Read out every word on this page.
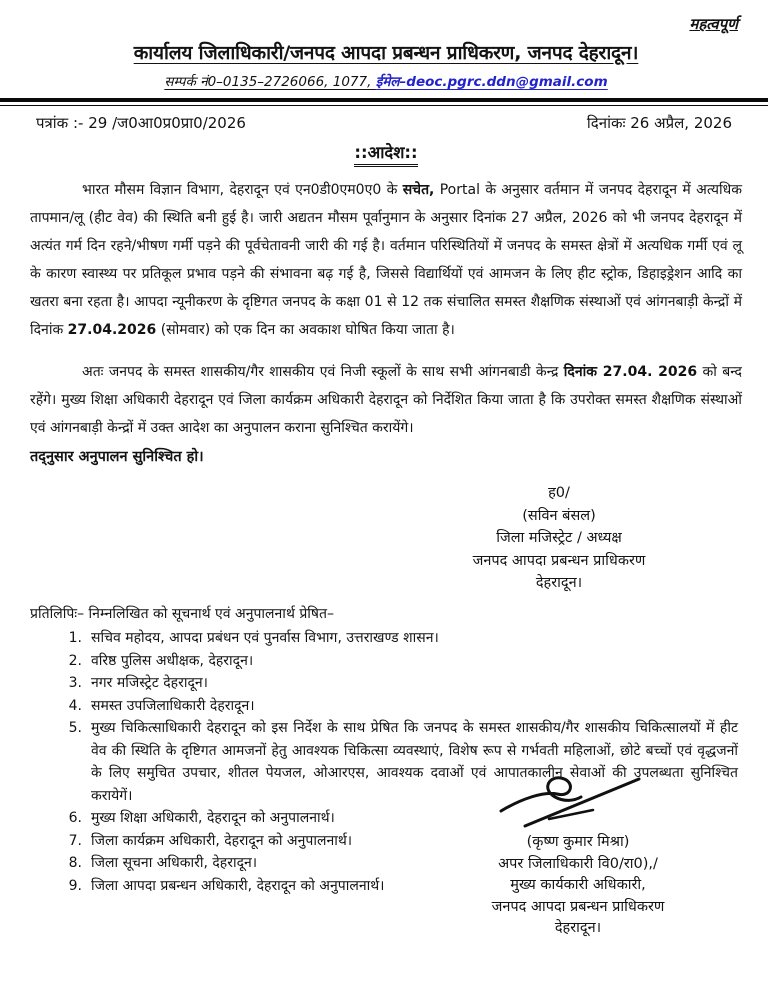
महत्वपूर्ण
कार्यालय जिलाधिकारी/जनपद आपदा प्रबन्धन प्राधिकरण, जनपद देहरादून।
सम्पर्क नं0–0135–2726066, 1077, ईमेल–deoc.pgrc.ddn@gmail.com
पत्रांक :- 29 /ज0आ0प्र0प्रा0/2026	दिनांकः 26 अप्रैल, 2026
::आदेश::

भारत मौसम विज्ञान विभाग, देहरादून एवं एन0डी0एम0ए0 के सचेत, Portal के अनुसार वर्तमान में जनपद देहरादून में अत्यधिक तापमान/लू (हीट वेव) की स्थिति बनी हुई है। जारी अद्यतन मौसम पूर्वानुमान के अनुसार दिनांक 27 अप्रैल, 2026 को भी जनपद देहरादून में अत्यंत गर्म दिन रहने/भीषण गर्मी पड़ने की पूर्वचेतावनी जारी की गई है। वर्तमान परिस्थितियों में जनपद के समस्त क्षेत्रों में अत्यधिक गर्मी एवं लू के कारण स्वास्थ्य पर प्रतिकूल प्रभाव पड़ने की संभावना बढ़ गई है, जिससे विद्यार्थियों एवं आमजन के लिए हीट स्ट्रोक, डिहाइड्रेशन आदि का खतरा बना रहता है। आपदा न्यूनीकरण के दृष्टिगत जनपद के कक्षा 01 से 12 तक संचालित समस्त शैक्षणिक संस्थाओं एवं आंगनबाड़ी केन्द्रों में दिनांक 27.04.2026 (सोमवार) को एक दिन का अवकाश घोषित किया जाता है।

अतः जनपद के समस्त शासकीय/गैर शासकीय एवं निजी स्कूलों के साथ सभी आंगनबाडी केन्द्र दिनांक 27.04. 2026 को बन्द रहेंगे। मुख्य शिक्षा अधिकारी देहरादून एवं जिला कार्यक्रम अधिकारी देहरादून को निर्देशित किया जाता है कि उपरोक्त समस्त शैक्षणिक संस्थाओं एवं आंगनबाड़ी केन्द्रों में उक्त आदेश का अनुपालन कराना सुनिश्चित करायेंगे।

तद्नुसार अनुपालन सुनिश्चित हो।
ह0/
(सविन बंसल)
जिला मजिस्ट्रेट / अध्यक्ष
जनपद आपदा प्रबन्धन प्राधिकरण
देहरादून।

प्रतिलिपिः– निम्नलिखित को सूचनार्थ एवं अनुपालनार्थ प्रेषित–

1. सचिव महोदय, आपदा प्रबंधन एवं पुनर्वास विभाग, उत्तराखण्ड शासन।
2. वरिष्ठ पुलिस अधीक्षक, देहरादून।
3. नगर मजिस्ट्रेट देहरादून।
4. समस्त उपजिलाधिकारी देहरादून।
5. मुख्य चिकित्साधिकारी देहरादून को इस निर्देश के साथ प्रेषित कि जनपद के समस्त शासकीय/गैर शासकीय चिकित्सालयों में हीट वेव की स्थिति के दृष्टिगत आमजनों हेतु आवश्यक चिकित्सा व्यवस्थाएं, विशेष रूप से गर्भवती महिलाओं, छोटे बच्चों एवं वृद्धजनों के लिए समुचित उपचार, शीतल पेयजल, ओआरएस, आवश्यक दवाओं एवं आपातकालीन सेवाओं की उपलब्धता सुनिश्चित करायेगें।
6. मुख्य शिक्षा अधिकारी, देहरादून को अनुपालनार्थ।
7. जिला कार्यक्रम अधिकारी, देहरादून को अनुपालनार्थ।
8. जिला सूचना अधिकारी, देहरादून।
9. जिला आपदा प्रबन्धन अधिकारी, देहरादून को अनुपालनार्थ।
(कृष्ण कुमार मिश्रा)
अपर जिलाधिकारी वि0/रा0),/
मुख्य कार्यकारी अधिकारी,
जनपद आपदा प्रबन्धन प्राधिकरण
देहरादून।
